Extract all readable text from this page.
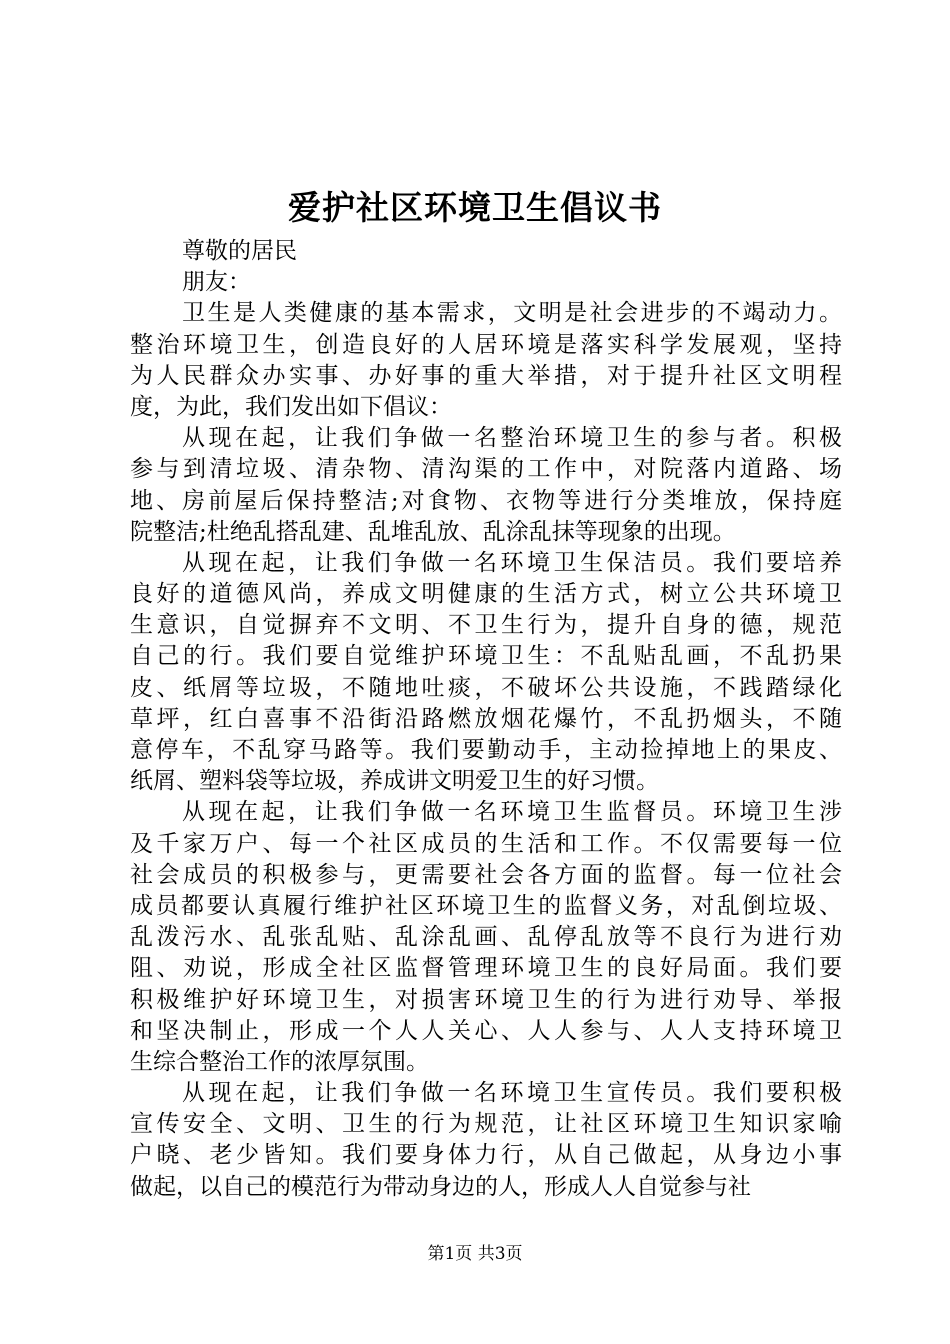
爱护社区环境卫生倡议书
尊敬的居民
朋友：
卫生是人类健康的基本需求，文明是社会进步的不竭动力。
整治环境卫生，创造良好的人居环境是落实科学发展观，坚持
为人民群众办实事、办好事的重大举措，对于提升社区文明程
度，为此，我们发出如下倡议：
从现在起，让我们争做一名整治环境卫生的参与者。积极
参与到清垃圾、清杂物、清沟渠的工作中，对院落内道路、场
地、房前屋后保持整洁;对食物、衣物等进行分类堆放，保持庭
院整洁;杜绝乱搭乱建、乱堆乱放、乱涂乱抹等现象的出现。
从现在起，让我们争做一名环境卫生保洁员。我们要培养
良好的道德风尚，养成文明健康的生活方式，树立公共环境卫
生意识，自觉摒弃不文明、不卫生行为，提升自身的德，规范
自己的行。我们要自觉维护环境卫生：不乱贴乱画，不乱扔果
皮、纸屑等垃圾，不随地吐痰，不破坏公共设施，不践踏绿化
草坪，红白喜事不沿街沿路燃放烟花爆竹，不乱扔烟头，不随
意停车，不乱穿马路等。我们要勤动手，主动捡掉地上的果皮、
纸屑、塑料袋等垃圾，养成讲文明爱卫生的好习惯。
从现在起，让我们争做一名环境卫生监督员。环境卫生涉
及千家万户、每一个社区成员的生活和工作。不仅需要每一位
社会成员的积极参与，更需要社会各方面的监督。每一位社会
成员都要认真履行维护社区环境卫生的监督义务，对乱倒垃圾、
乱泼污水、乱张乱贴、乱涂乱画、乱停乱放等不良行为进行劝
阻、劝说，形成全社区监督管理环境卫生的良好局面。我们要
积极维护好环境卫生，对损害环境卫生的行为进行劝导、举报
和坚决制止，形成一个人人关心、人人参与、人人支持环境卫
生综合整治工作的浓厚氛围。
从现在起，让我们争做一名环境卫生宣传员。我们要积极
宣传安全、文明、卫生的行为规范，让社区环境卫生知识家喻
户晓、老少皆知。我们要身体力行，从自己做起，从身边小事
做起，以自己的模范行为带动身边的人，形成人人自觉参与社
第1页 共3页
